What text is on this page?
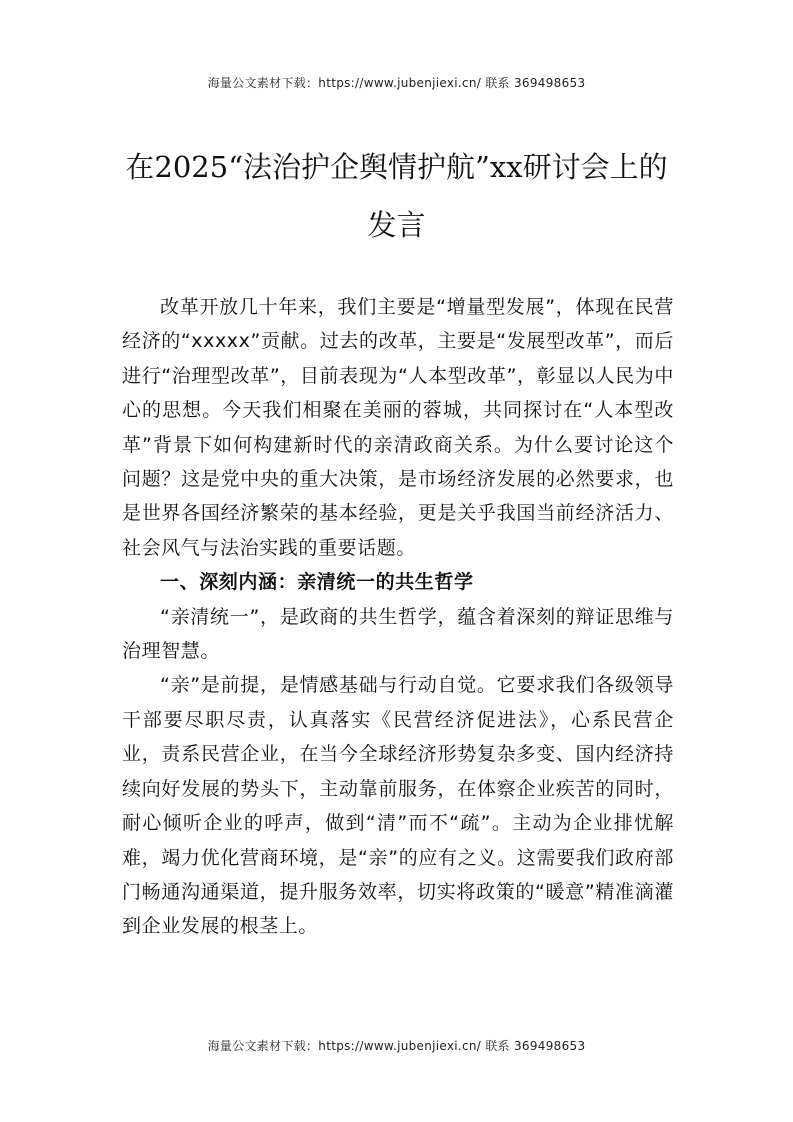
海量公文素材下载：https://www.jubenjiexi.cn/ 联系 369498653
在2025“法治护企舆情护航”xx研讨会上的
发言

改革开放几十年来，我们主要是“增量型发展”，体现在民营经济的“xxxxx”贡献。过去的改革，主要是“发展型改革”，而后进行“治理型改革”，目前表现为“人本型改革”，彰显以人民为中心的思想。今天我们相聚在美丽的蓉城，共同探讨在“人本型改革”背景下如何构建新时代的亲清政商关系。为什么要讨论这个问题？这是党中央的重大决策，是市场经济发展的必然要求，也是世界各国经济繁荣的基本经验，更是关乎我国当前经济活力、社会风气与法治实践的重要话题。

一、深刻内涵：亲清统一的共生哲学

“亲清统一”，是政商的共生哲学，蕴含着深刻的辩证思维与治理智慧。

“亲”是前提，是情感基础与行动自觉。它要求我们各级领导干部要尽职尽责，认真落实《民营经济促进法》，心系民营企业，责系民营企业，在当今全球经济形势复杂多变、国内经济持续向好发展的势头下，主动靠前服务，在体察企业疾苦的同时，耐心倾听企业的呼声，做到“清”而不“疏”。主动为企业排忧解难，竭力优化营商环境，是“亲”的应有之义。这需要我们政府部门畅通沟通渠道，提升服务效率，切实将政策的“暖意”精准滴灌到企业发展的根茎上。

海量公文素材下载：https://www.jubenjiexi.cn/ 联系 369498653
